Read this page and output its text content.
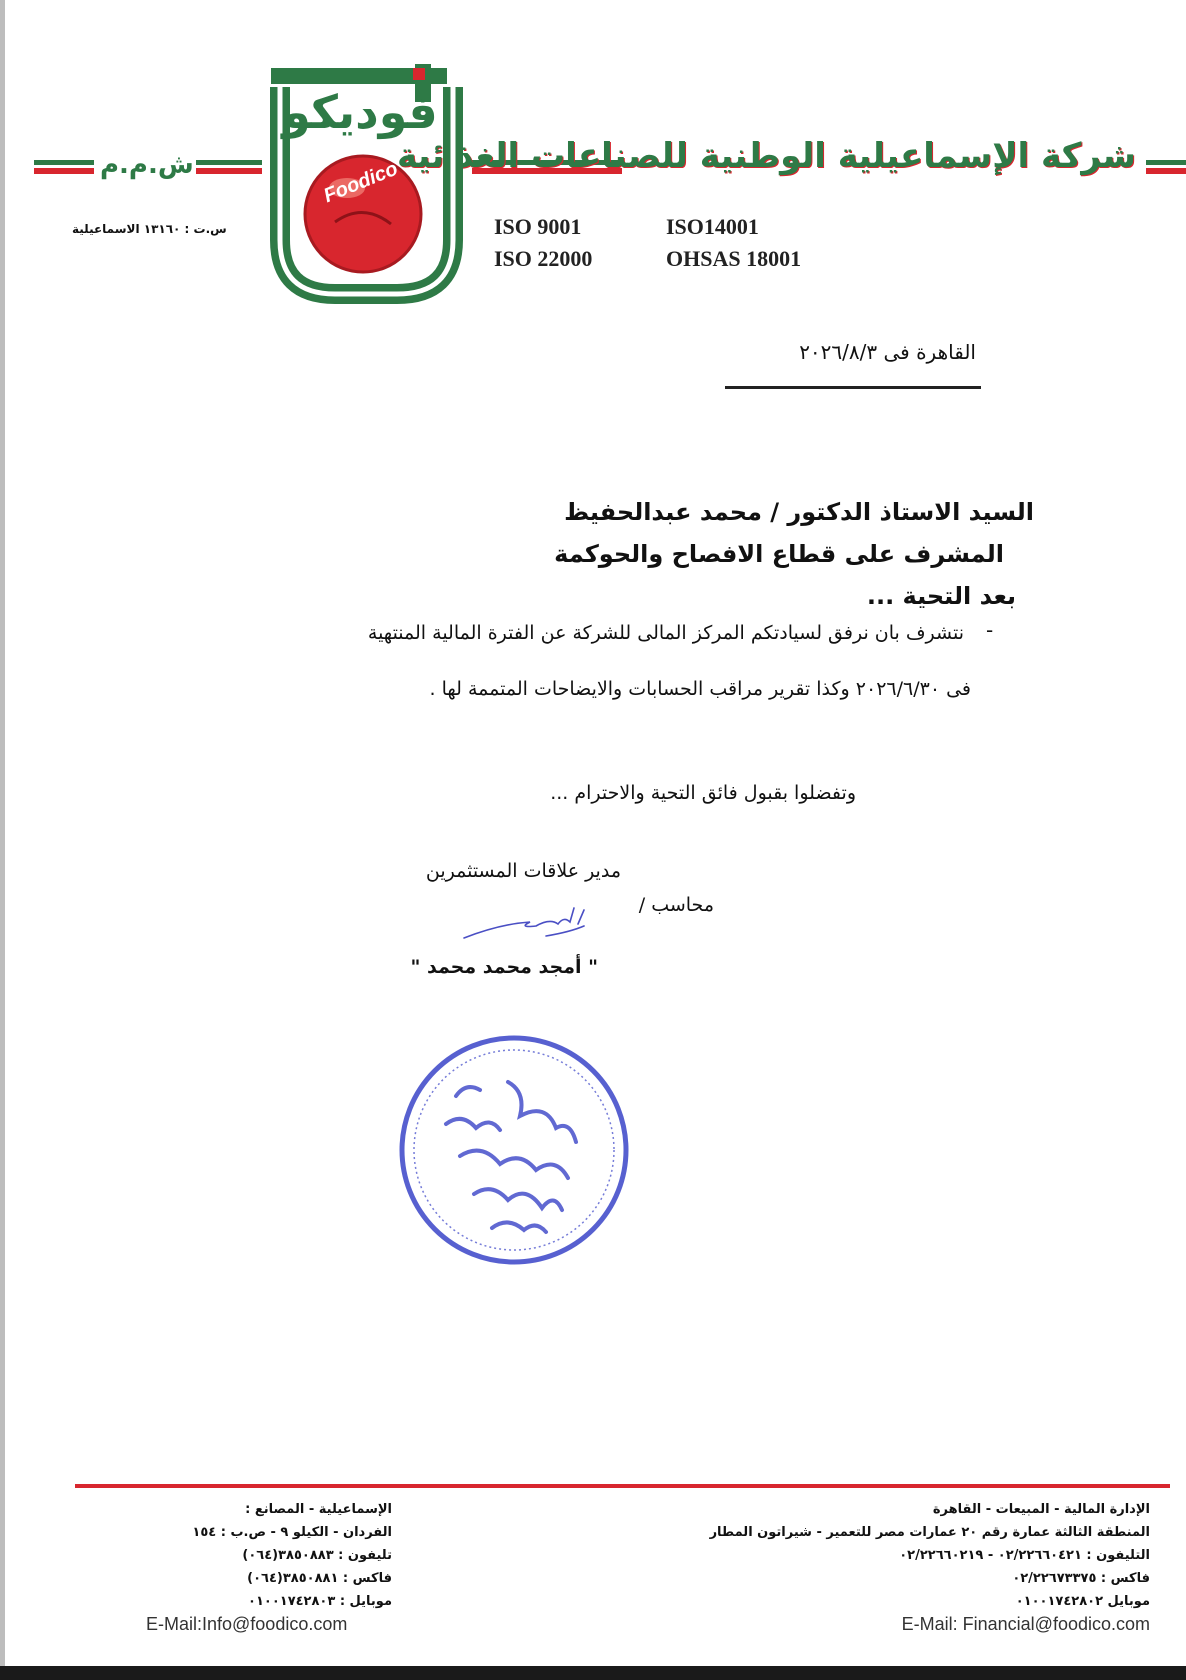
شركة الإسماعيلية الوطنية للصناعات الغذائية
ش.م.م
س.ت : ١٣١٦٠ الاسماعيلية
فوديكو
Foodico
ISO 9001	ISO14001
ISO 22000	OHSAS 18001
القاهرة فى ٢٠٢٦/٨/٣
السيد الاستاذ الدكتور / محمد عبدالحفيظ
المشرف على قطاع الافصاح والحوكمة
بعد التحية ...
-
نتشرف بان نرفق لسيادتكم المركز المالى للشركة عن الفترة المالية المنتهية
فى ٢٠٢٦/٦/٣٠ وكذا تقرير مراقب الحسابات والايضاحات المتممة لها .
وتفضلوا بقبول فائق التحية والاحترام ...
مدير علاقات المستثمرين
محاسب /
" أمجد محمد محمد "
الإدارة المالية - المبيعات - القاهرة
المنطقة الثالثة عمارة رقم ٢٠ عمارات مصر للتعمير - شيراتون المطار
التليفون : ٠٢/٢٢٦٦٠٤٢١ - ٠٢/٢٢٦٦٠٢١٩
فاكس : ٠٢/٢٢٦٧٣٣٧٥
موبايل ٠١٠٠١٧٤٢٨٠٢
E-Mail: Financial@foodico.com
الإسماعيلية - المصانع :
الفردان - الكيلو ٩ - ص.ب : ١٥٤
تليفون : ٣٨٥٠٨٨٣(٠٦٤)
فاكس : ٣٨٥٠٨٨١(٠٦٤)
موبايل : ٠١٠٠١٧٤٢٨٠٣
E-Mail:Info@foodico.com
